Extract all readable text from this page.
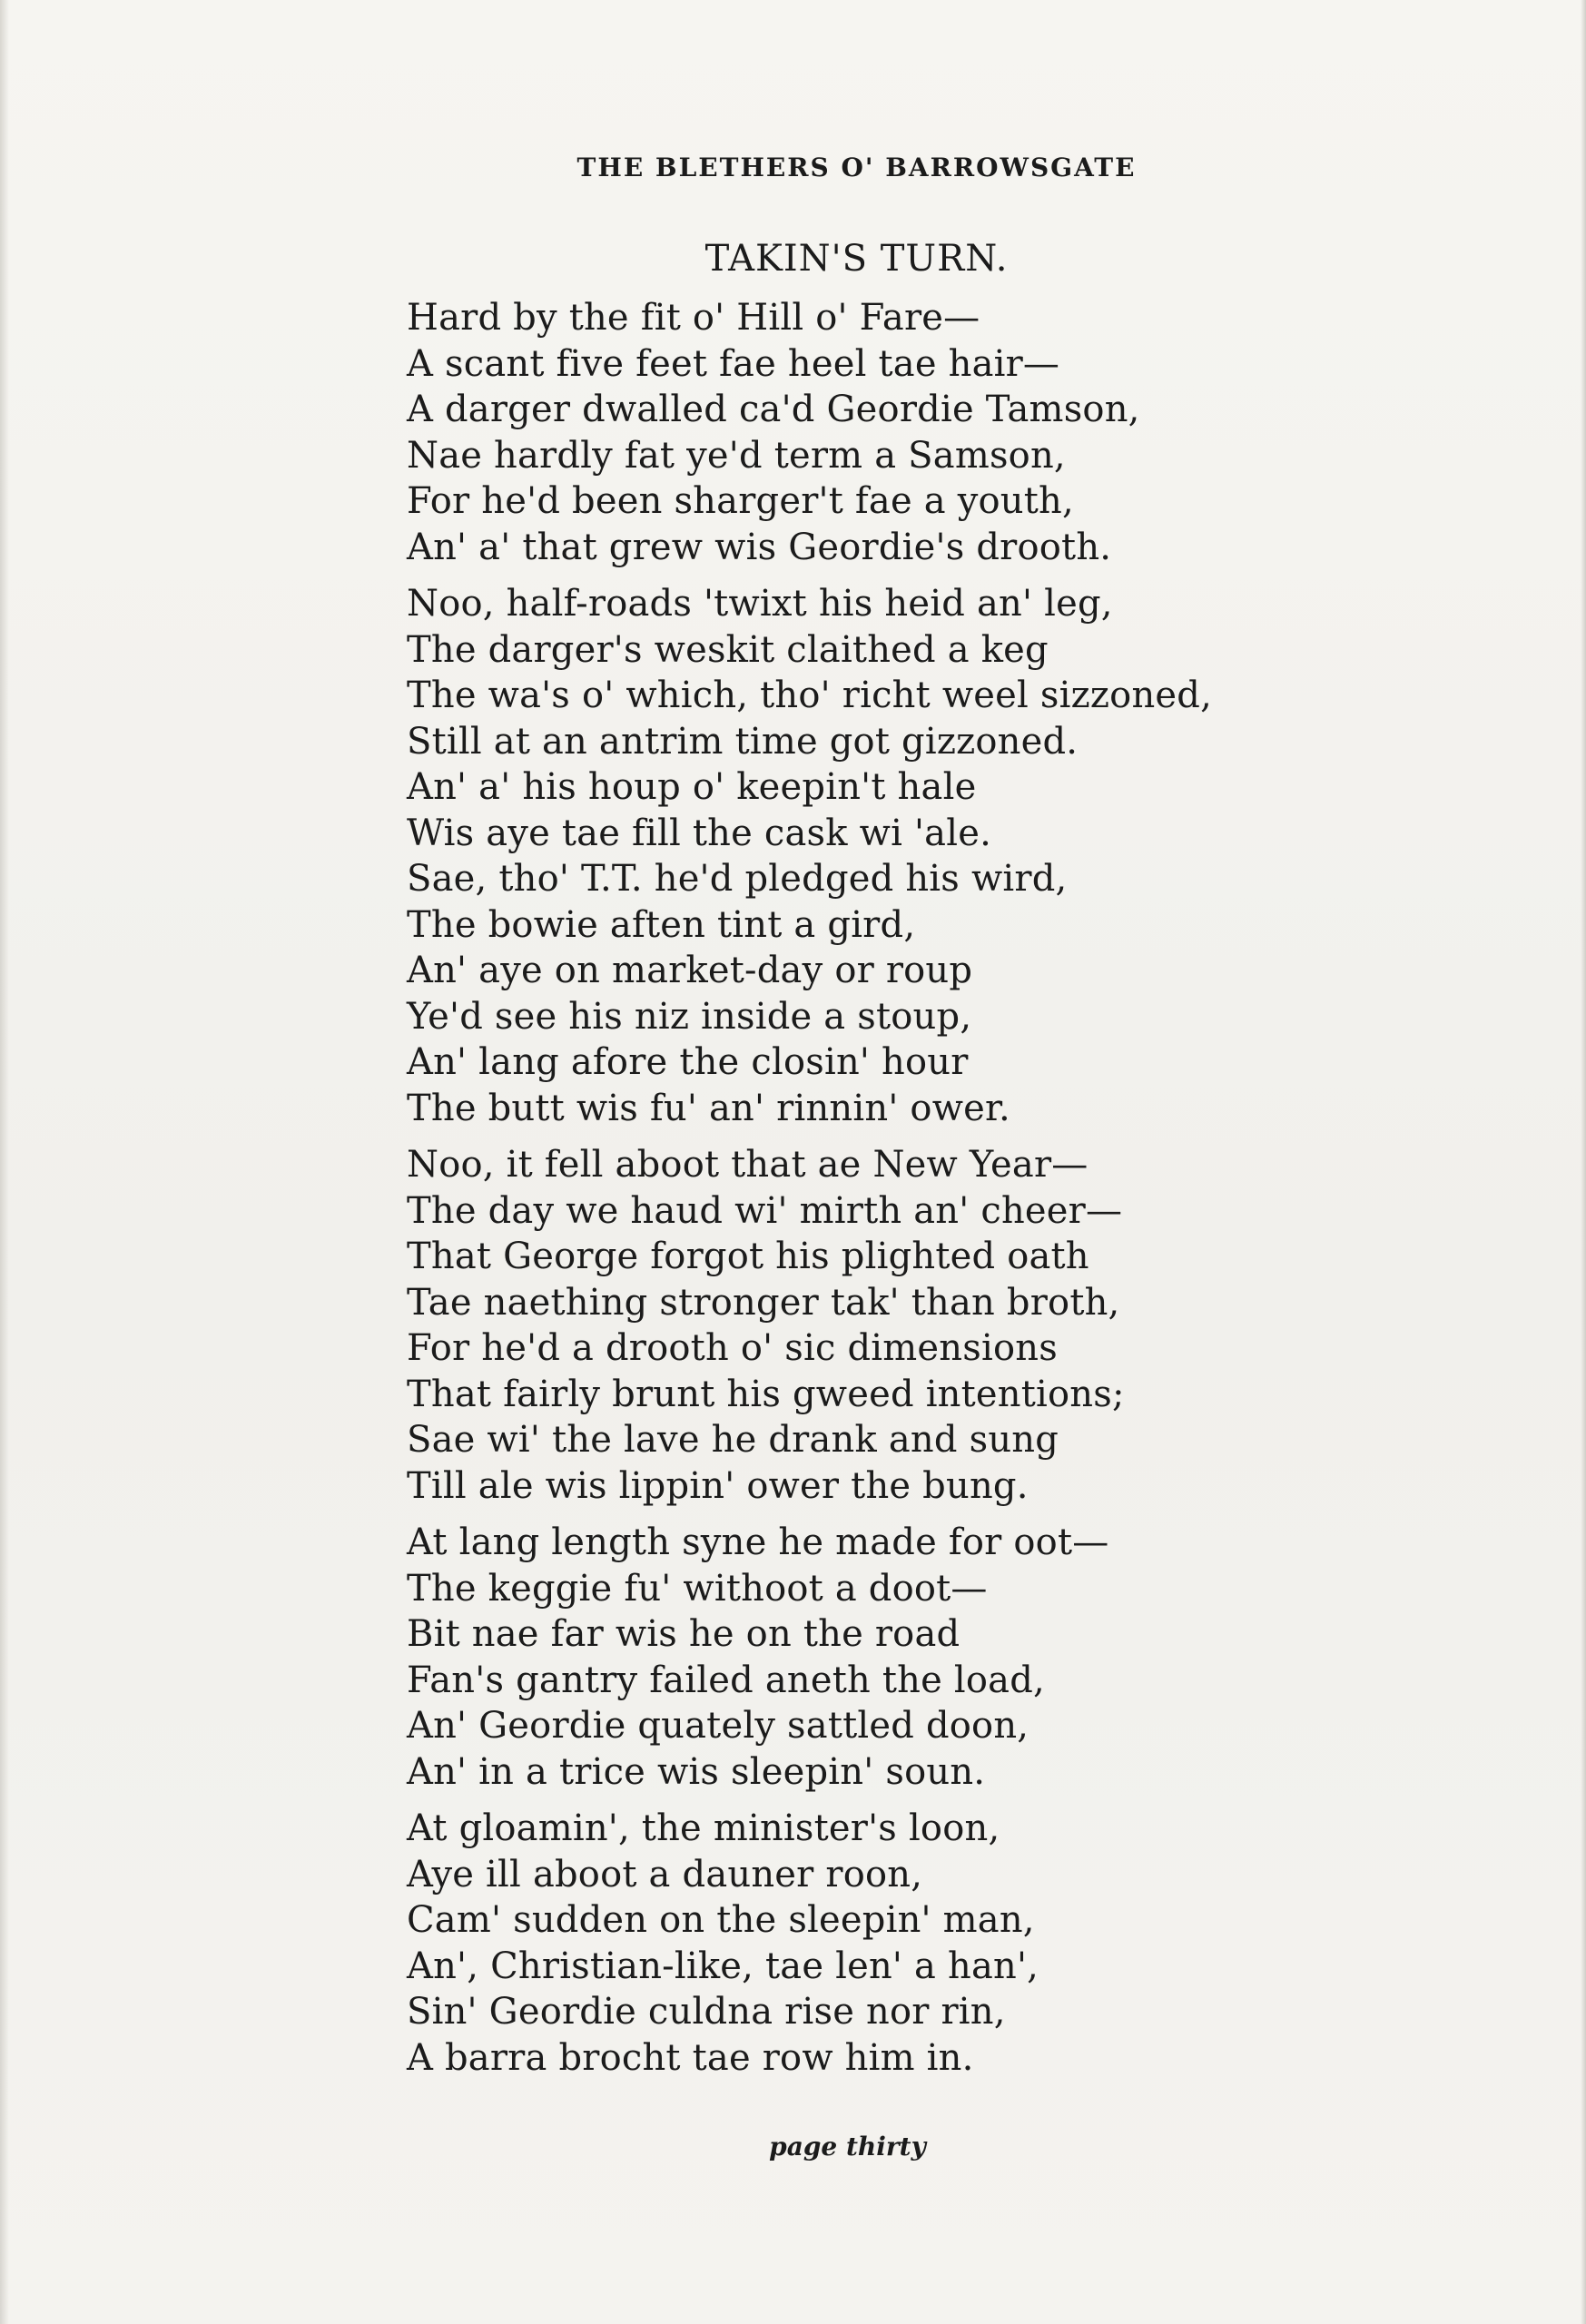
THE BLETHERS O' BARROWSGATE
TAKIN'S TURN.
Hard by the fit o' Hill o' Fare—
A scant five feet fae heel tae hair—
A darger dwalled ca'd Geordie Tamson,
Nae hardly fat ye'd term a Samson,
For he'd been sharger't fae a youth,
An' a' that grew wis Geordie's drooth.
Noo, half-roads 'twixt his heid an' leg,
The darger's weskit claithed a keg
The wa's o' which, tho' richt weel sizzoned,
Still at an antrim time got gizzoned.
An' a' his houp o' keepin't hale
Wis aye tae fill the cask wi 'ale.
Sae, tho' T.T. he'd pledged his wird,
The bowie aften tint a gird,
An' aye on market-day or roup
Ye'd see his niz inside a stoup,
An' lang afore the closin' hour
The butt wis fu' an' rinnin' ower.
Noo, it fell aboot that ae New Year—
The day we haud wi' mirth an' cheer—
That George forgot his plighted oath
Tae naething stronger tak' than broth,
For he'd a drooth o' sic dimensions
That fairly brunt his gweed intentions;
Sae wi' the lave he drank and sung
Till ale wis lippin' ower the bung.
At lang length syne he made for oot—
The keggie fu' withoot a doot—
Bit nae far wis he on the road
Fan's gantry failed aneth the load,
An' Geordie quately sattled doon,
An' in a trice wis sleepin' soun.
At gloamin', the minister's loon,
Aye ill aboot a dauner roon,
Cam' sudden on the sleepin' man,
An', Christian-like, tae len' a han',
Sin' Geordie culdna rise nor rin,
A barra brocht tae row him in.
page thirty
